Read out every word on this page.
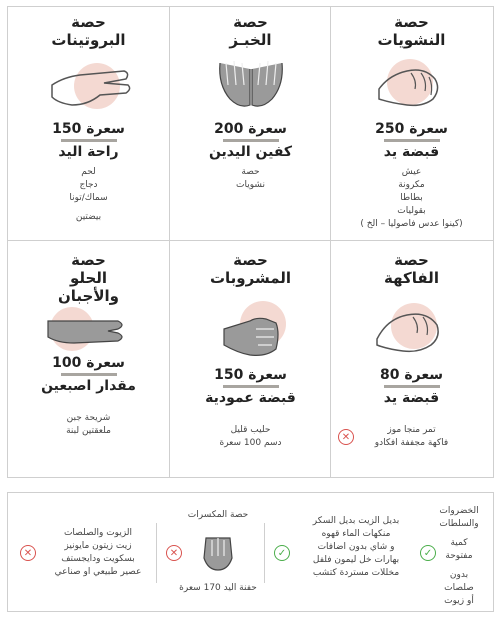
حصة
النشويات
250 سعرة
قبضة يد
عيش
مكرونة
بطاطا
بقوليات
( كينوا عدس فاصوليا – الخ)
حصة
الخبـز
200 سعرة
كفين اليدين
حصة
نشويات
حصة
البروتينات
150 سعرة
راحة اليد
لحم
دجاج
سماك/تونا
بيضتين
حصة
الفاكهة
80 سعرة
قبضة يد
تمر منجا موز
فاكهة مجففة افكادو
✕
حصة
المشروبات
150 سعرة
قبضة عمودية
حليب قليل
دسم 100 سعرة
حصة
الحلو
والأجبان
100 سعرة
مقدار اصبعين
شريحة جبن
ملعقتين لبنة
الخضروات
والسلطات
كمية
مفتوحة
بدون
صلصات
أو زيوت
✓
بديل الزيت بديل السكر
منكهات الماء قهوه
و شاي بدون اضافات
بهارات خل ليمون فلفل
مخللات مستردة كتشب
✓
حصة المكسرات
حفنة اليد 170 سعرة
✕
الزيوت والصلصات
زيت زيتون مايونيز
بسكويت ودايجستف
عصير طبيعي او صناعي
✕
